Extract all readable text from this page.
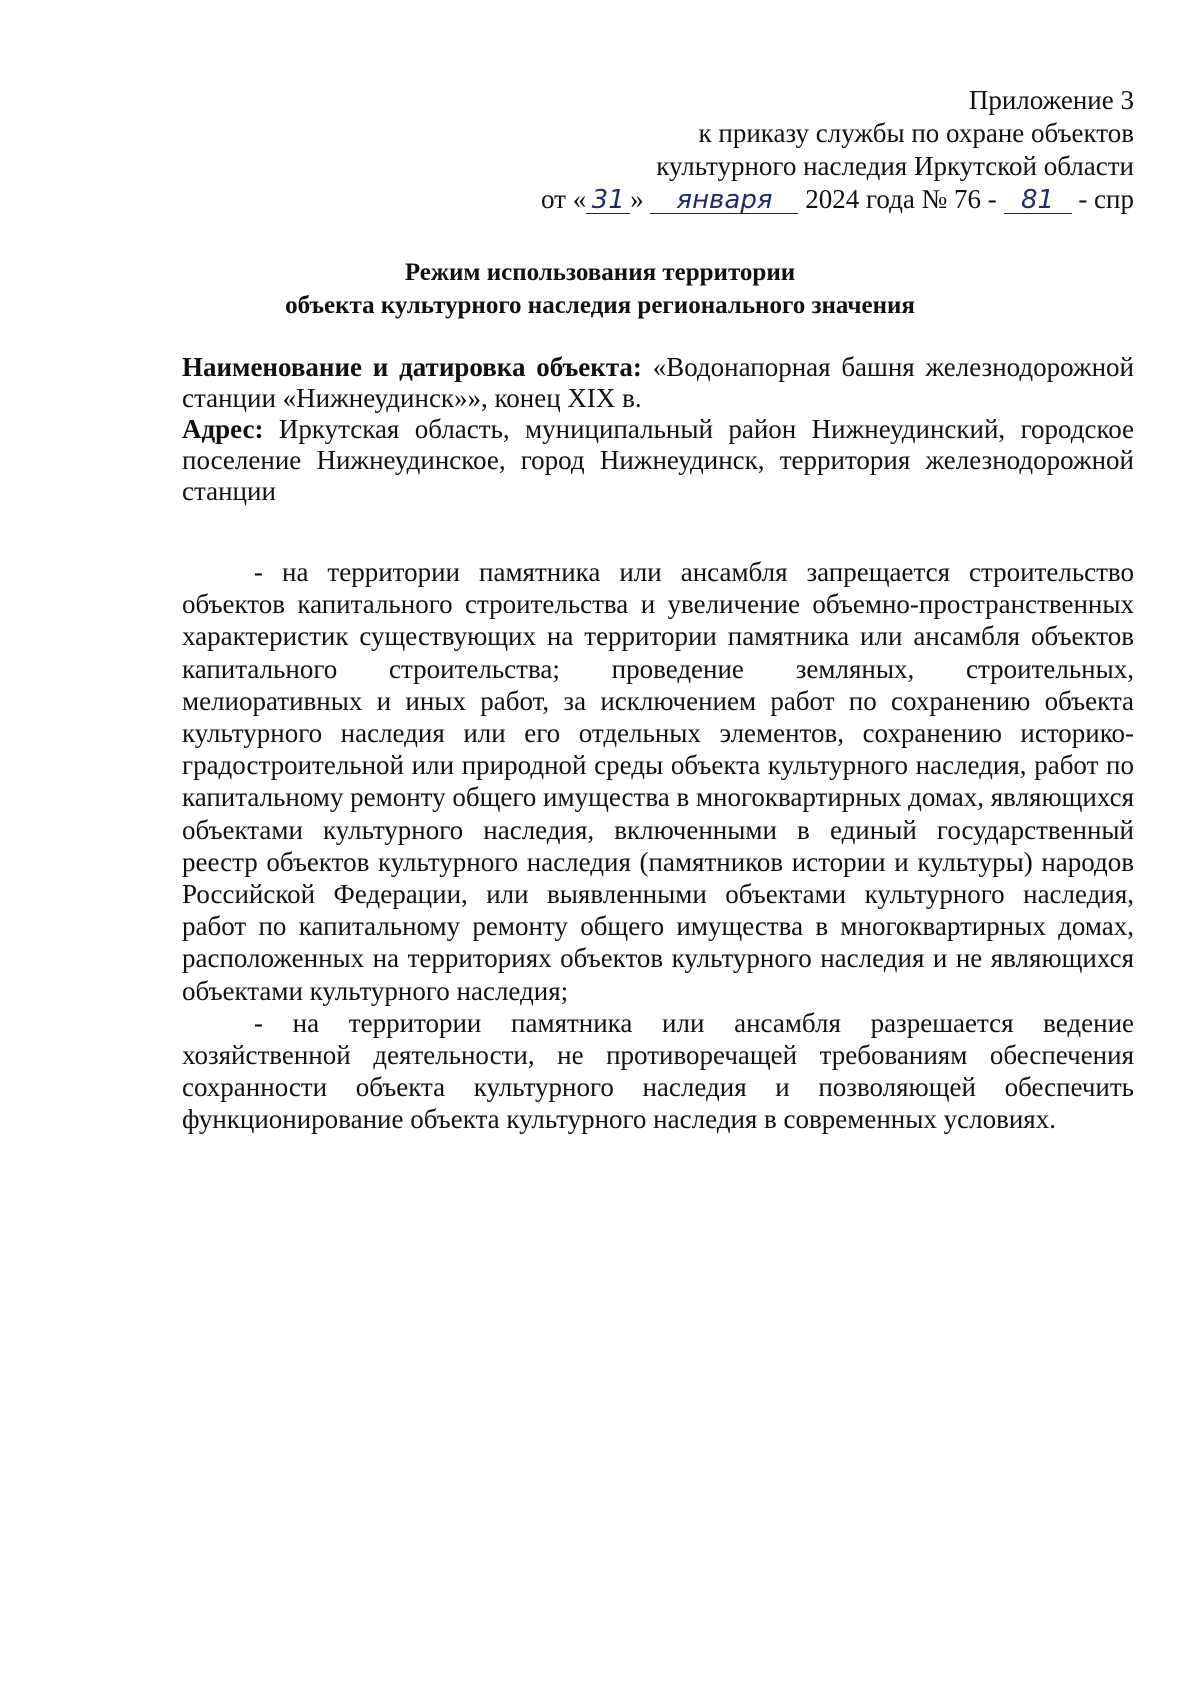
Приложение 3
к приказу службы по охране объектов
культурного наследия Иркутской области
от « 31 » января 2024 года № 76 - 81 - спр
Режим использования территории
объекта культурного наследия регионального значения

Наименование и датировка объекта: «Водонапорная башня железнодорожной станции «Нижнеудинск»», конец XIX в.

Адрес: Иркутская область, муниципальный район Нижнеудинский, городское поселение Нижнеудинское, город Нижнеудинск, территория железнодорожной станции

- на территории памятника или ансамбля запрещается строительство объектов капитального строительства и увеличение объемно-пространственных характеристик существующих на территории памятника или ансамбля объектов капитального строительства; проведение земляных, строительных, мелиоративных и иных работ, за исключением работ по сохранению объекта культурного наследия или его отдельных элементов, сохранению историко-градостроительной или природной среды объекта культурного наследия, работ по капитальному ремонту общего имущества в многоквартирных домах, являющихся объектами культурного наследия, включенными в единый государственный реестр объектов культурного наследия (памятников истории и культуры) народов Российской Федерации, или выявленными объектами культурного наследия, работ по капитальному ремонту общего имущества в многоквартирных домах, расположенных на территориях объектов культурного наследия и не являющихся объектами культурного наследия;

- на территории памятника или ансамбля разрешается ведение хозяйственной деятельности, не противоречащей требованиям обеспечения сохранности объекта культурного наследия и позволяющей обеспечить функционирование объекта культурного наследия в современных условиях.
